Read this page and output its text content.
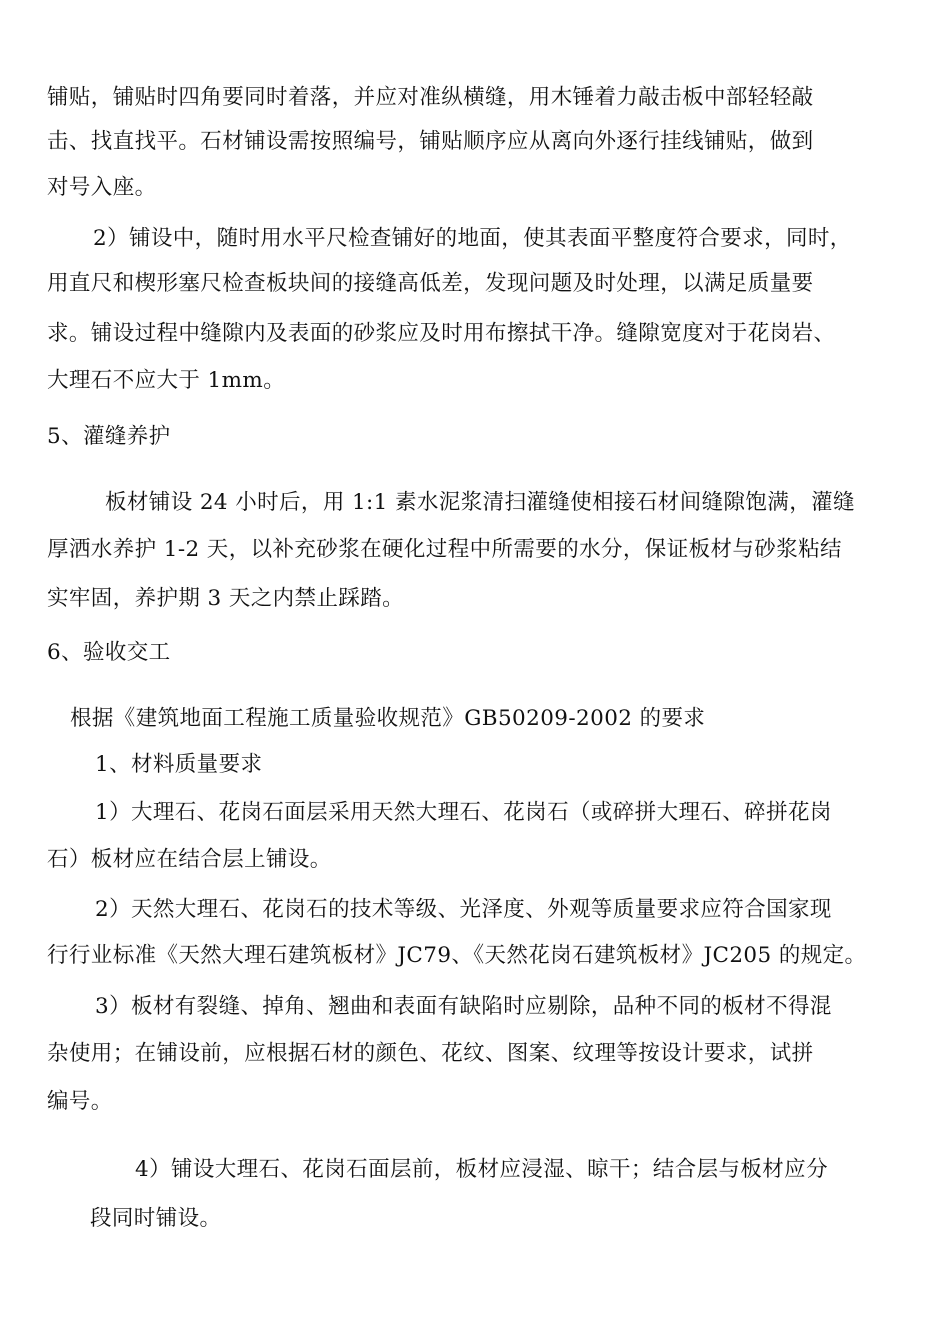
铺贴，铺贴时四角要同时着落，并应对准纵横缝，用木锤着力敲击板中部轻轻敲

击、找直找平。石材铺设需按照编号，铺贴顺序应从离向外逐行挂线铺贴，做到

对号入座。

2）铺设中，随时用水平尺检查铺好的地面，使其表面平整度符合要求，同时，

用直尺和楔形塞尺检查板块间的接缝高低差，发现问题及时处理，以满足质量要

求。铺设过程中缝隙内及表面的砂浆应及时用布擦拭干净。缝隙宽度对于花岗岩、

大理石不应大于 1mm。

5、灌缝养护

板材铺设 24 小时后，用 1:1 素水泥浆清扫灌缝使相接石材间缝隙饱满，灌缝

厚洒水养护 1-2 天，以补充砂浆在硬化过程中所需要的水分，保证板材与砂浆粘结

实牢固，养护期 3 天之内禁止踩踏。

6、验收交工

根据《建筑地面工程施工质量验收规范》GB50209-2002 的要求

1、材料质量要求

1）大理石、花岗石面层采用天然大理石、花岗石（或碎拼大理石、碎拼花岗

石）板材应在结合层上铺设。

2）天然大理石、花岗石的技术等级、光泽度、外观等质量要求应符合国家现

行行业标准《天然大理石建筑板材》JC79、《天然花岗石建筑板材》JC205 的规定。

3）板材有裂缝、掉角、翘曲和表面有缺陷时应剔除，品种不同的板材不得混

杂使用；在铺设前，应根据石材的颜色、花纹、图案、纹理等按设计要求，试拼

编号。

4）铺设大理石、花岗石面层前，板材应浸湿、晾干；结合层与板材应分

段同时铺设。
